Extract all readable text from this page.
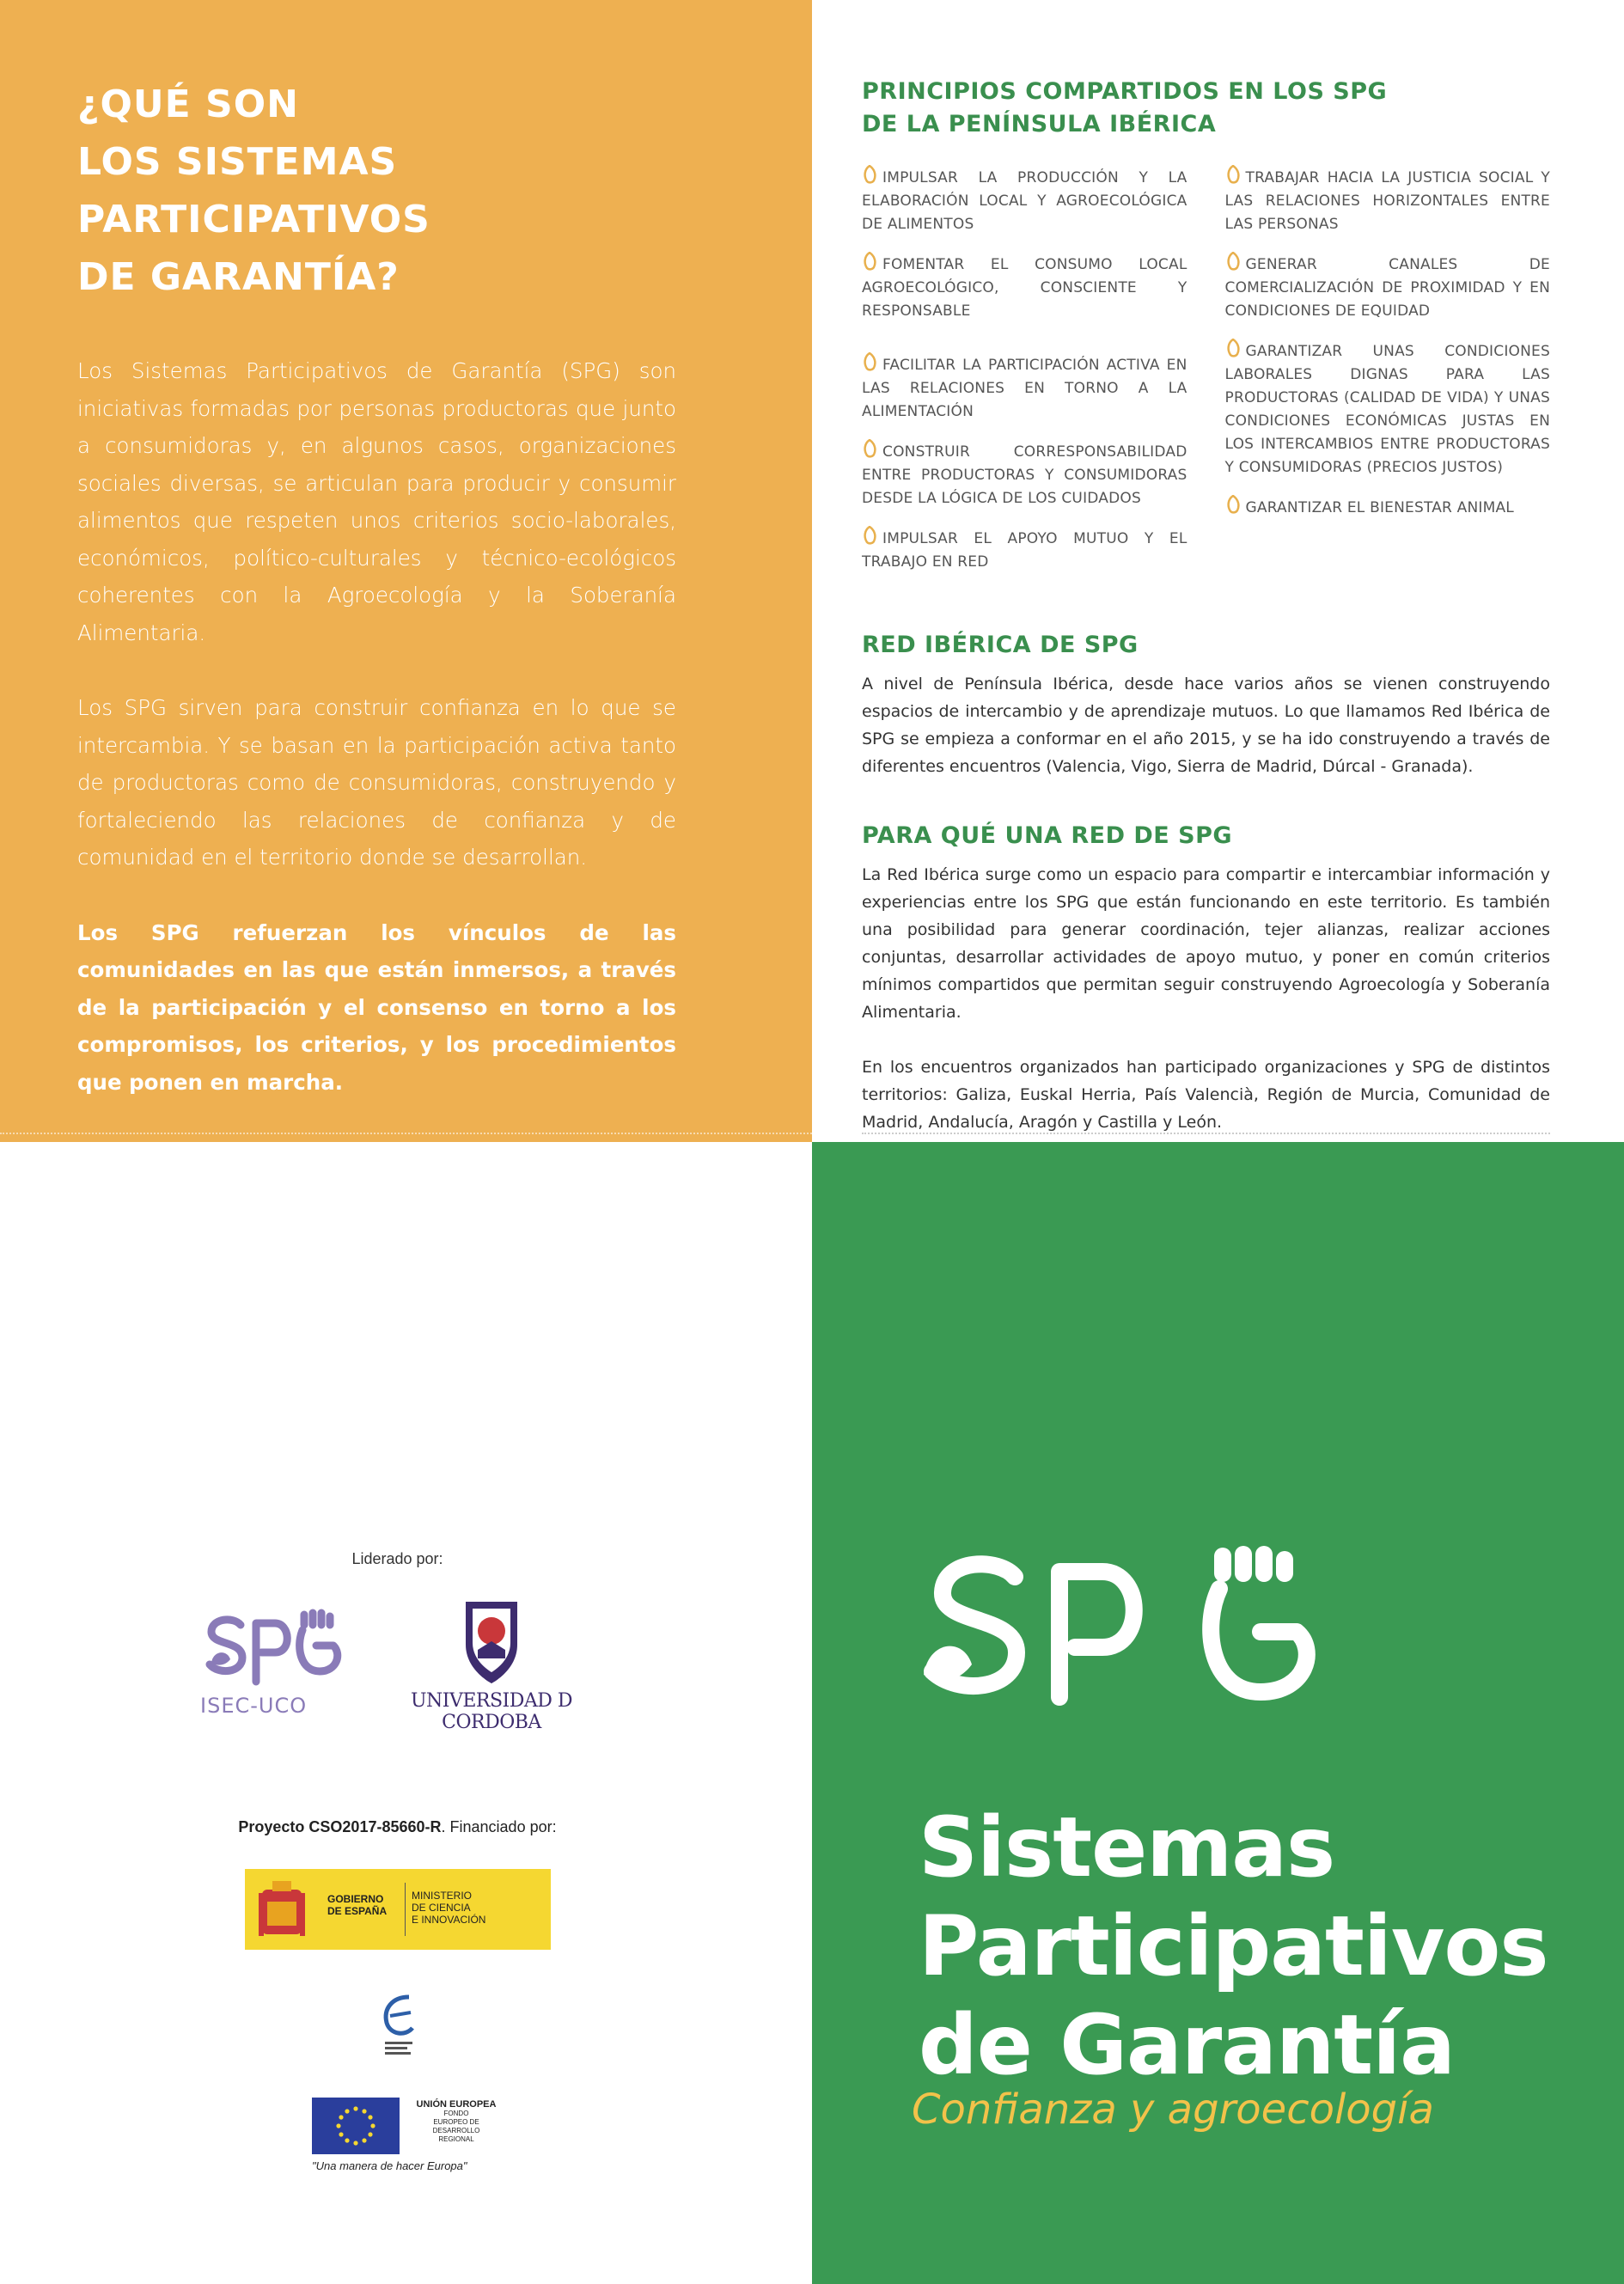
¿QUÉ SON
LOS SISTEMAS
PARTICIPATIVOS
DE GARANTÍA?

Los Sistemas Participativos de Garantía (SPG) son iniciativas formadas por personas productoras que junto a consumidoras y, en algunos casos, organizaciones sociales diversas, se articulan para producir y consumir alimentos que respeten unos criterios socio-laborales, económicos, político-culturales y técnico-ecológicos coherentes con la Agroecología y la Soberanía Alimentaria.

Los SPG sirven para construir confianza en lo que se intercambia. Y se basan en la participación activa tanto de productoras como de consumidoras, construyendo y fortaleciendo las relaciones de confianza y de comunidad en el territorio donde se desarrollan.

Los SPG refuerzan los vínculos de las comunidades en las que están inmersos, a través de la participación y el consenso en torno a los compromisos, los criterios, y los procedimientos que ponen en marcha.

PRINCIPIOS COMPARTIDOS EN LOS SPG
DE LA PENÍNSULA IBÉRICA
IMPULSAR LA PRODUCCIÓN Y LA ELABORACIÓN LOCAL Y AGROECOLÓGICA DE ALIMENTOS
FOMENTAR EL CONSUMO LOCAL AGROECOLÓGICO, CONSCIENTE Y RESPONSABLE
FACILITAR LA PARTICIPACIÓN ACTIVA EN LAS RELACIONES EN TORNO A LA ALIMENTACIÓN
CONSTRUIR CORRESPONSABILIDAD ENTRE PRODUCTORAS Y CONSUMIDORAS DESDE LA LÓGICA DE LOS CUIDADOS
IMPULSAR EL APOYO MUTUO Y EL TRABAJO EN RED
TRABAJAR HACIA LA JUSTICIA SOCIAL Y LAS RELACIONES HORIZONTALES ENTRE LAS PERSONAS
GENERAR CANALES DE COMERCIALIZACIÓN DE PROXIMIDAD Y EN CONDICIONES DE EQUIDAD
GARANTIZAR UNAS CONDICIONES LABORALES DIGNAS PARA LAS PRODUCTORAS (CALIDAD DE VIDA) Y UNAS CONDICIONES ECONÓMICAS JUSTAS EN LOS INTERCAMBIOS ENTRE PRODUCTORAS Y CONSUMIDORAS (PRECIOS JUSTOS)
GARANTIZAR EL BIENESTAR ANIMAL
RED IBÉRICA DE SPG

A nivel de Península Ibérica, desde hace varios años se vienen construyendo espacios de intercambio y de aprendizaje mutuos. Lo que llamamos Red Ibérica de SPG se empieza a conformar en el año 2015, y se ha ido construyendo a través de diferentes encuentros (Valencia, Vigo, Sierra de Madrid, Dúrcal - Granada).

PARA QUÉ UNA RED DE SPG

La Red Ibérica surge como un espacio para compartir e intercambiar información y experiencias entre los SPG que están funcionando en este territorio. Es también una posibilidad para generar coordinación, tejer alianzas, realizar acciones conjuntas, desarrollar actividades de apoyo mutuo, y poner en común criterios mínimos compartidos que permitan seguir construyendo Agroecología y Soberanía Alimentaria.

En los encuentros organizados han participado organizaciones y SPG de distintos territorios: Galiza, Euskal Herria, País Valencià, Región de Murcia, Comunidad de Madrid, Andalucía, Aragón y Castilla y León.

Liderado por:
ISEC-UCO	UNIVERSIDAD D CORDOBA
Proyecto CSO2017-85660-R. Financiado por:
GOBIERNO
DE ESPAÑA
MINISTERIO
DE CIENCIA
E INNOVACIÓN
UNIÓN EUROPEA
FONDO
EUROPEO DE
DESARROLLO
REGIONAL
"Una manera de hacer Europa"
Sistemas
Participativos
de Garantía
Confianza y agroecología
